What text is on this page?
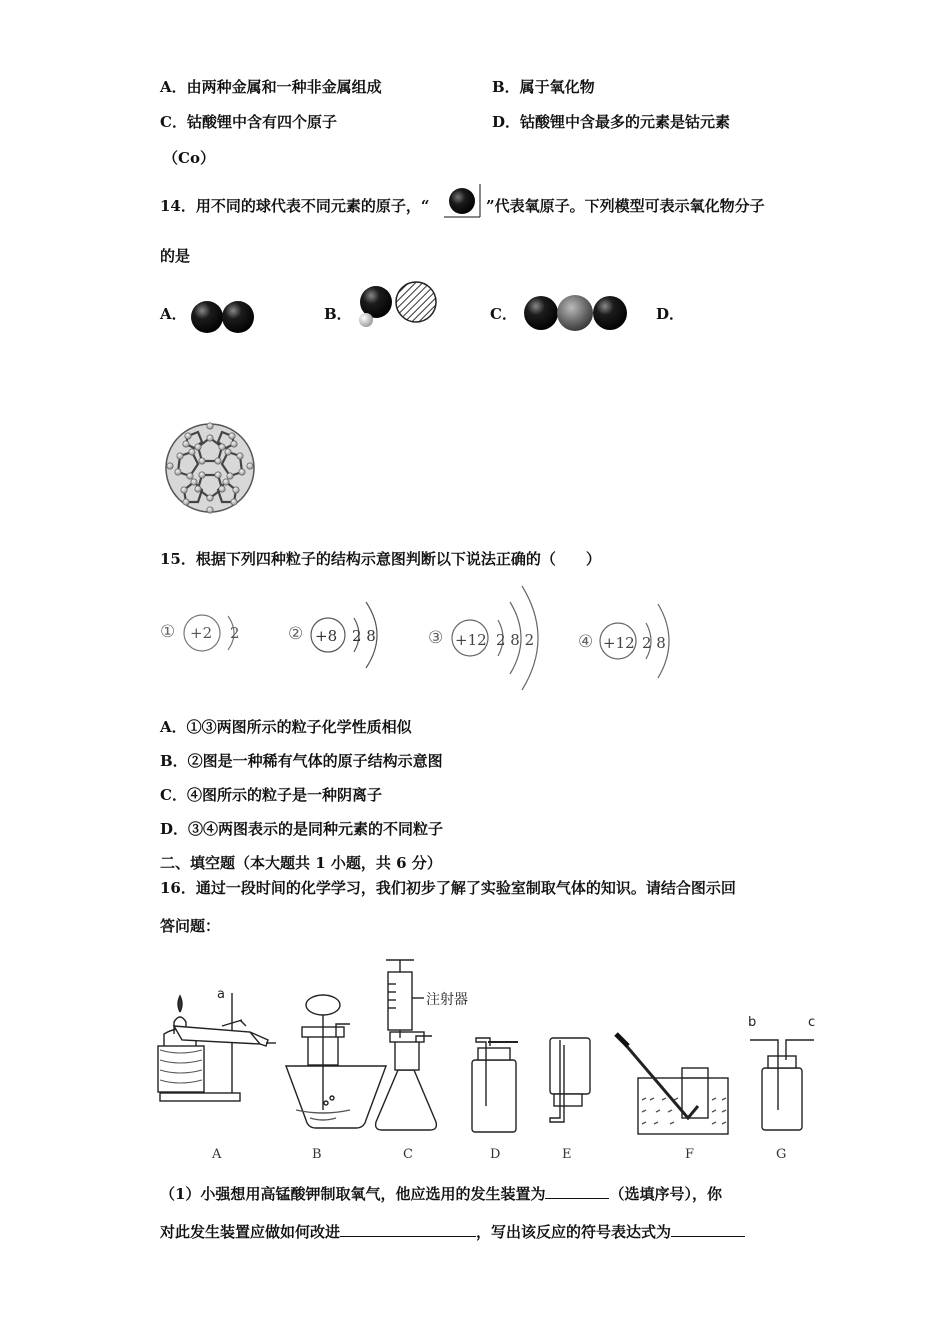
A．由两种金属和一种非金属组成	B．属于氧化物
C．钴酸锂中含有四个原子	D．钴酸锂中含最多的元素是钴元素
（Co）
14．用不同的球代表不同元素的原子，“	”代表氧原子。下列模型可表示氧化物分子
的是
A．	B．	C．	D．
15．根据下列四种粒子的结构示意图判断以下说法正确的（　　）
① +2 2	② +8 2 8	③ +12 2 8 2	④ +12 2 8
A．①③两图所示的粒子化学性质相似
B．②图是一种稀有气体的原子结构示意图
C．④图所示的粒子是一种阴离子
D．③④两图表示的是同种元素的不同粒子
二、填空题（本大题共 1 小题，共 6 分）
16．通过一段时间的化学学习，我们初步了解了实验室制取气体的知识。请结合图示回
答问题：
a
b	c
注射器
A	B	C	D	E	F	G
（1）小强想用高锰酸钾制取氧气，他应选用的发生装置为	（选填序号），你
对此发生装置应做如何改进	，写出该反应的符号表达式为
